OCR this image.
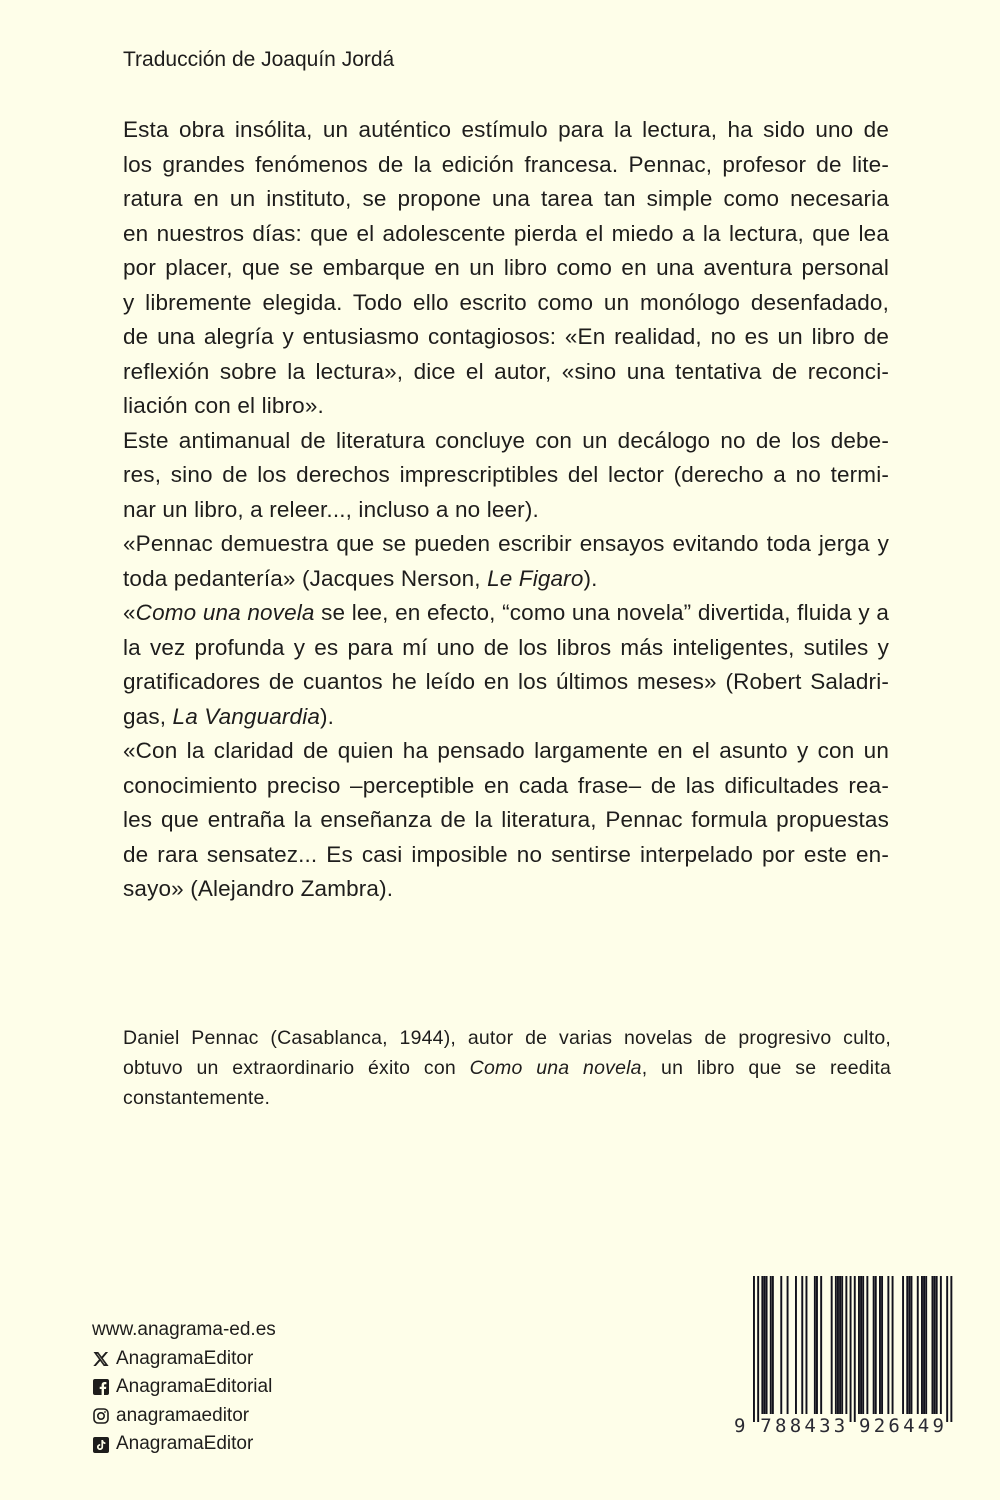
Traducción de Joaquín Jordá
Esta obra insólita, un auténtico estímulo para la lectura, ha sido uno de
los grandes fenómenos de la edición francesa. Pennac, profesor de lite-
ratura en un instituto, se propone una tarea tan simple como necesaria
en nuestros días: que el adolescente pierda el miedo a la lectura, que lea
por placer, que se embarque en un libro como en una aventura personal
y libremente elegida. Todo ello escrito como un monólogo desenfadado,
de una alegría y entusiasmo contagiosos: «En realidad, no es un libro de
reflexión sobre la lectura», dice el autor, «sino una tentativa de reconci-
liación con el libro».
Este antimanual de literatura concluye con un decálogo no de los debe-
res, sino de los derechos imprescriptibles del lector (derecho a no termi-
nar un libro, a releer..., incluso a no leer).
«Pennac demuestra que se pueden escribir ensayos evitando toda jerga y
toda pedantería» (Jacques Nerson, Le Figaro).
«Como una novela se lee, en efecto, “como una novela” divertida, fluida y a
la vez profunda y es para mí uno de los libros más inteligentes, sutiles y
gratificadores de cuantos he leído en los últimos meses» (Robert Saladri-
gas, La Vanguardia).
«Con la claridad de quien ha pensado largamente en el asunto y con un
conocimiento preciso –perceptible en cada frase– de las dificultades rea-
les que entraña la enseñanza de la literatura, Pennac formula propuestas
de rara sensatez... Es casi imposible no sentirse interpelado por este en-
sayo» (Alejandro Zambra).
Daniel Pennac (Casablanca, 1944), autor de varias novelas de progresivo culto,
obtuvo un extraordinario éxito con Como una novela, un libro que se reedita
constantemente.
www.anagrama-ed.es
AnagramaEditor
AnagramaEditorial
anagramaeditor
AnagramaEditor
9 7 8 8 4 3 3 9 2 6 4 4 9
